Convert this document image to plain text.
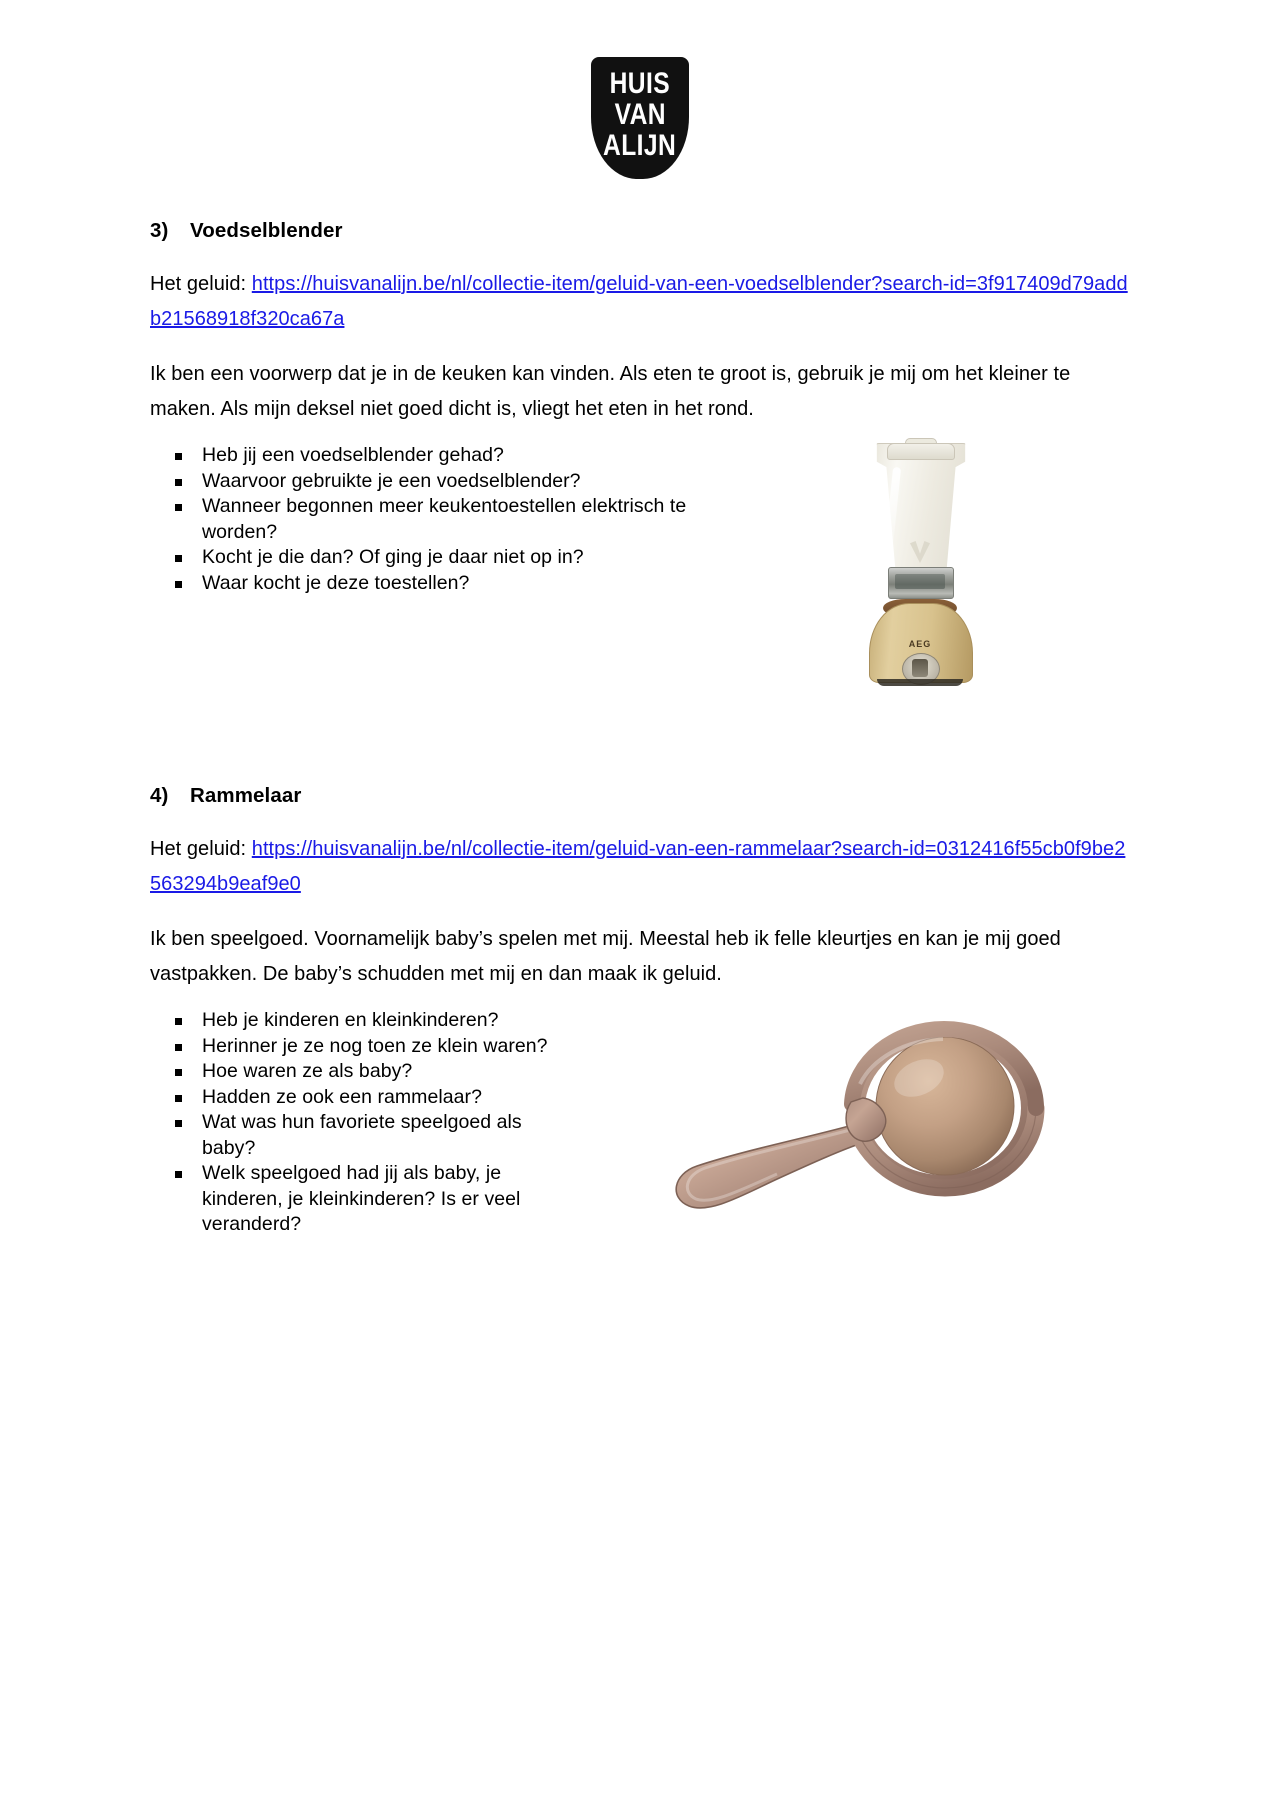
HUIS
VAN
ALIJN
3)	Voedselblender

Het geluid: https://huisvanalijn.be/nl/collectie-item/geluid-van-een-voedselblender?search-id=3f917409d79addb21568918f320ca67a

Ik ben een voorwerp dat je in de keuken kan vinden. Als eten te groot is, gebruik je mij om het kleiner te maken. Als mijn deksel niet goed dicht is, vliegt het eten in het rond.

Heb jij een voedselblender gehad?
Waarvoor gebruikte je een voedselblender?
Wanneer begonnen meer keukentoestellen elektrisch te worden?
Kocht je die dan? Of ging je daar niet op in?
Waar kocht je deze toestellen?
AEG
4)	Rammelaar

Het geluid: https://huisvanalijn.be/nl/collectie-item/geluid-van-een-rammelaar?search-id=0312416f55cb0f9be2563294b9eaf9e0

Ik ben speelgoed. Voornamelijk baby’s spelen met mij. Meestal heb ik felle kleurtjes en kan je mij goed vastpakken. De baby’s schudden met mij en dan maak ik geluid.

Heb je kinderen en kleinkinderen?
Herinner je ze nog toen ze klein waren?
Hoe waren ze als baby?
Hadden ze ook een rammelaar?
Wat was hun favoriete speelgoed als baby?
Welk speelgoed had jij als baby, je kinderen, je kleinkinderen? Is er veel veranderd?
